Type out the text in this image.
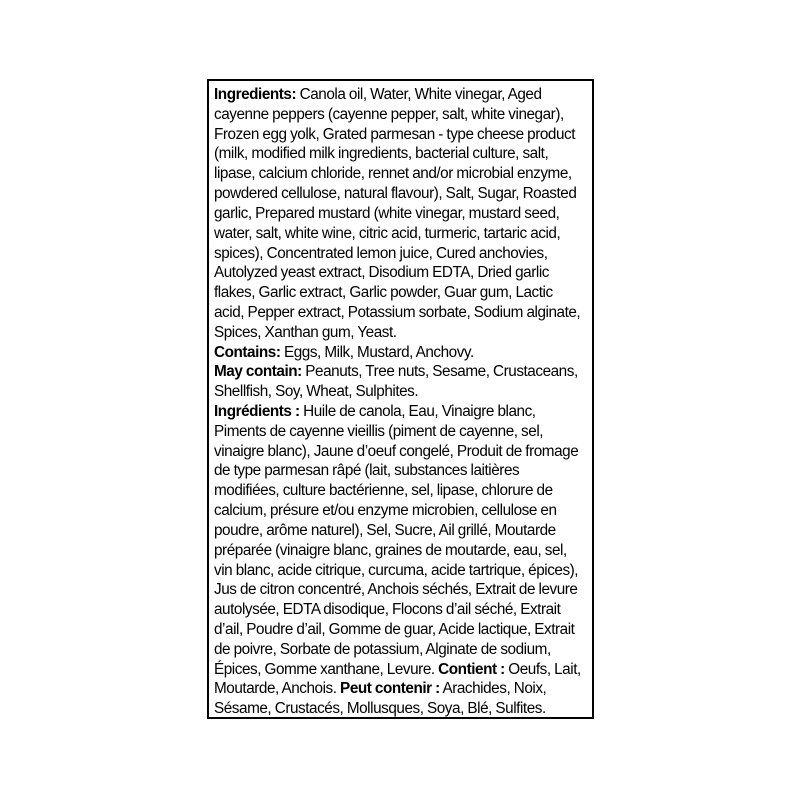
Ingredients: Canola oil, Water, White vinegar, Aged
cayenne peppers (cayenne pepper, salt, white vinegar),
Frozen egg yolk, Grated parmesan - type cheese product
(milk, modified milk ingredients, bacterial culture, salt,
lipase, calcium chloride, rennet and/or microbial enzyme,
powdered cellulose, natural flavour), Salt, Sugar, Roasted
garlic, Prepared mustard (white vinegar, mustard seed,
water, salt, white wine, citric acid, turmeric, tartaric acid,
spices), Concentrated lemon juice, Cured anchovies,
Autolyzed yeast extract, Disodium EDTA, Dried garlic
flakes, Garlic extract, Garlic powder, Guar gum, Lactic
acid, Pepper extract, Potassium sorbate, Sodium alginate,
Spices, Xanthan gum, Yeast.
Contains: Eggs, Milk, Mustard, Anchovy.
May contain: Peanuts, Tree nuts, Sesame, Crustaceans,
Shellfish, Soy, Wheat, Sulphites.
Ingrédients : Huile de canola, Eau, Vinaigre blanc,
Piments de cayenne vieillis (piment de cayenne, sel,
vinaigre blanc), Jaune d’oeuf congelé, Produit de fromage
de type parmesan râpé (lait, substances laitières
modifiées, culture bactérienne, sel, lipase, chlorure de
calcium, présure et/ou enzyme microbien, cellulose en
poudre, arôme naturel), Sel, Sucre, Ail grillé, Moutarde
préparée (vinaigre blanc, graines de moutarde, eau, sel,
vin blanc, acide citrique, curcuma, acide tartrique, épices),
Jus de citron concentré, Anchois séchés, Extrait de levure
autolysée, EDTA disodique, Flocons d’ail séché, Extrait
d’ail, Poudre d’ail, Gomme de guar, Acide lactique, Extrait
de poivre, Sorbate de potassium, Alginate de sodium,
Épices, Gomme xanthane, Levure. Contient : Oeufs, Lait,
Moutarde, Anchois. Peut contenir : Arachides, Noix,
Sésame, Crustacés, Mollusques, Soya, Blé, Sulfites.
